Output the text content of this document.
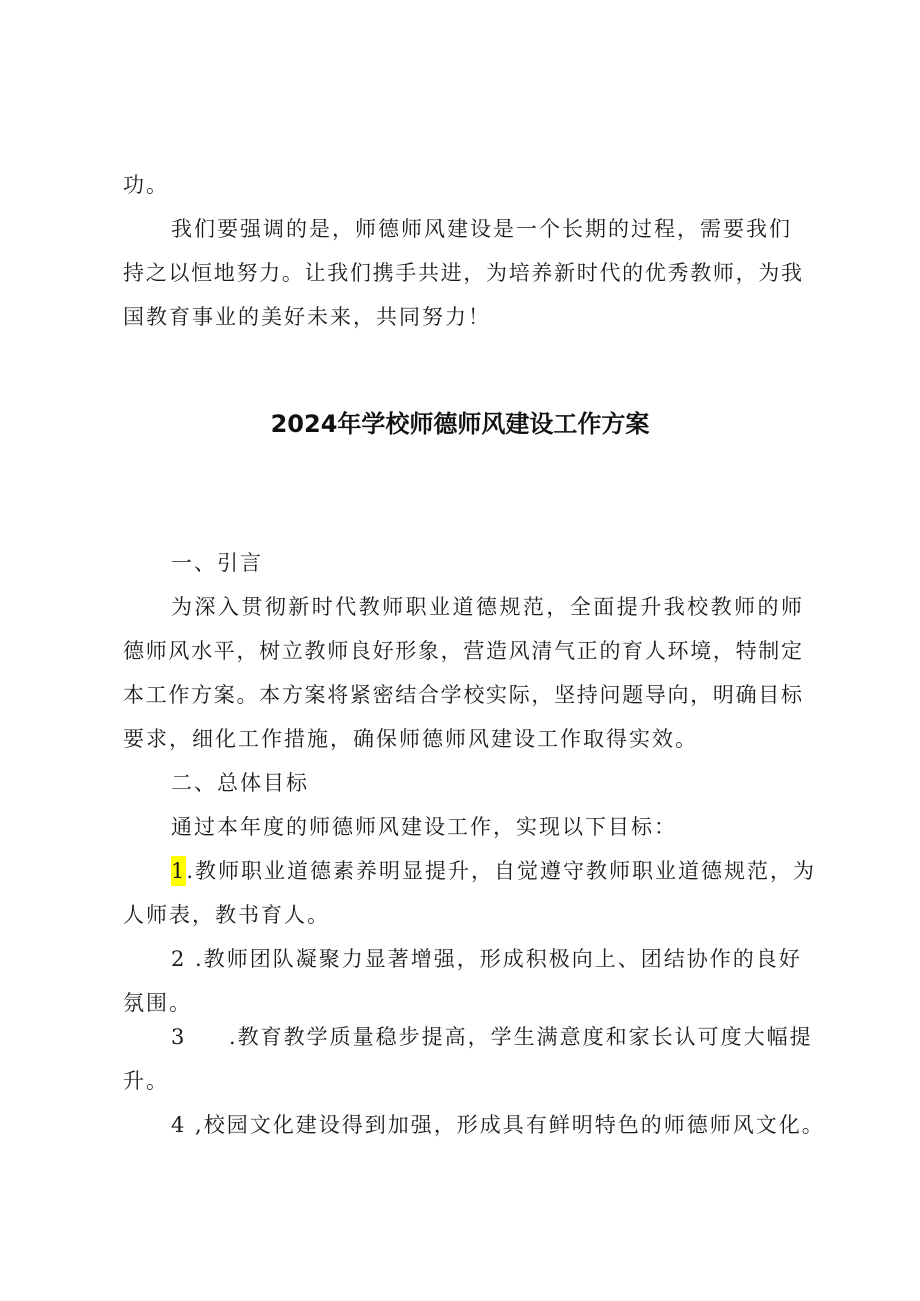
功。

我们要强调的是，师德师风建设是一个长期的过程，需要我们

持之以恒地努力。让我们携手共进，为培养新时代的优秀教师，为我

国教育事业的美好未来，共同努力！

2024年学校师德师风建设工作方案

一、引言

为深入贯彻新时代教师职业道德规范，全面提升我校教师的师

德师风水平，树立教师良好形象，营造风清气正的育人环境，特制定

本工作方案。本方案将紧密结合学校实际，坚持问题导向，明确目标

要求，细化工作措施，确保师德师风建设工作取得实效。

二、总体目标

通过本年度的师德师风建设工作，实现以下目标：

1.教师职业道德素养明显提升，自觉遵守教师职业道德规范，为

人师表，教书育人。

2 .教师团队凝聚力显著增强，形成积极向上、团结协作的良好

氛围。

3 .教育教学质量稳步提高，学生满意度和家长认可度大幅提

升。

4 ,校园文化建设得到加强，形成具有鲜明特色的师德师风文化。
